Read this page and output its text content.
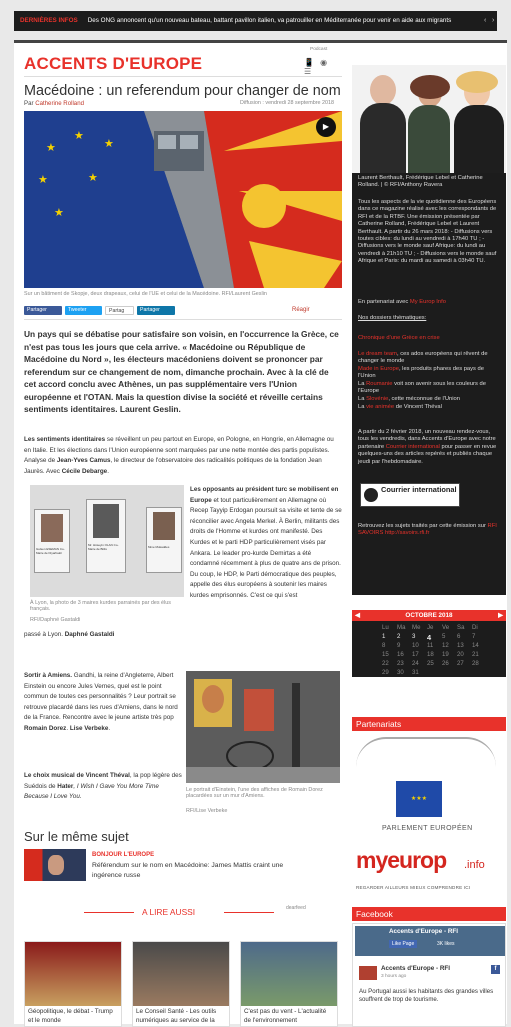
DERNIÈRES INFOS Des ONG annoncent qu'un nouveau bateau, battant pavillon italien, va patrouiller en Méditerranée pour venir en aide aux migrants	‹ ›
ACCENTS D'EUROPE
Podcast
📱 ◉ ☰
Macédoine : un referendum pour changer de nom
Par Catherine Rolland	Diffusion : vendredi 28 septembre 2018
★
★
★
★
★
★
▶
Sur un bâtiment de Skopje, deux drapeaux, celui de l'UE et celui de la Macédoine. RFI/Laurent Geslin
Partager	Tweeter	Partag	Partager	Réagir
Un pays qui se débatise pour satisfaire son voisin, en l'occurrence la Grèce, ce n'est pas tous les jours que cela arrive. « Macédoine ou République de Macédoine du Nord », les électeurs macédoniens doivent se prononcer par referendum sur ce changement de nom, dimanche prochain. Avec à la clé de cet accord conclu avec Athènes, un pas supplémentaire vers l'Union européenne et l'OTAN. Mais la question divise la société et réveille certains sentiments identitaires. Laurent Geslin.
Les sentiments identitaires se réveillent un peu partout en Europe, en Pologne, en Hongrie, en Allemagne ou en Italie. Et les élections dans l'Union européenne sont marquées par une nette montée des partis populistes. Analyse de Jean-Yves Camus, le directeur de l'observatoire des radicalités politiques de la fondation Jean Jaurès. Avec Cécile Debarge.
Gulsen ESEMAN Co-Maire de Diyarbakir
Mr. Hüseyin OLAN Co-Maire de Bitlis	Mme Mukaddes
À Lyon, la photo de 3 maires kurdes parrainés par des élus français.
RFI/Daphné Gastaldi
Les opposants au président turc se mobilisent en Europe et tout particulièrement en Allemagne où Recep Tayyip Erdogan poursuit sa visite et tente de se réconcilier avec Angela Merkel. À Berlin, militants des droits de l'Homme et kurdes ont manifesté. Des Kurdes et le parti HDP particulièrement visés par Ankara. Le leader pro-kurde Demirtas a été condamné récemment à plus de quatre ans de prison. Du coup, le HDP, le Parti démocratique des peuples, appelle des élus européens à soutenir les maires kurdes emprisonnés. C'est ce qui s'est
passé à Lyon. Daphné Gastaldi
Sortir à Amiens. Gandhi, la reine d'Angleterre, Albert Einstein ou encore Jules Vernes, quel est le point commun de toutes ces personnalités ? Leur portrait se retrouve placardé dans les rues d'Amiens, dans le nord de la France. Rencontre avec le jeune artiste très pop Romain Dorez. Lise Verbeke.
Le choix musical de Vincent Théval, la pop légère des Suédois de Hater, I Wish I Gave You More Time Because I Love You.
Le portrait d'Einstein, l'une des affiches de Romain Dorez placardées sur un mur d'Amiens.
RFI/Lise Verbeke
Sur le même sujet
BONJOUR L'EUROPE
Référendum sur le nom en Macédoine: James Mattis craint une ingérence russe
A LIRE AUSSI	dearfeed
Géopolitique, le débat - Trump et le monde
Le Conseil Santé - Les outils numériques au service de la
C'est pas du vent - L'actualité de l'environnement
Laurent Berthault, Frédérique Lebel et Catherine Rolland. | © RFI/Anthony Ravera
Tous les aspects de la vie quotidienne des Européens dans ce magazine réalisé avec les correspondants de RFI et de la RTBF. Une émission présentée par Catherine Rolland, Frédérique Lebel et Laurent Berthault. A partir du 26 mars 2018: - Diffusions vers toutes cibles: du lundi au vendredi à 17h40 TU ; - Diffusions vers le monde sauf Afrique: du lundi au vendredi à 21h10 TU ; - Diffusions vers le monde sauf Afrique et Paris: du mardi au samedi à 03h40 TU.
En partenariat avec My Europ Info
Nos dossiers thématiques:
Chronique d'une Grèce en crise
Le dream team, ces ados européens qui rêvent de changer le monde
Made in Europe, les produits phares des pays de l'Union
La Roumanie voit son avenir sous les couleurs de l'Europe
La Slovénie, cette méconnue de l'Union
La vie animée de Vincent Théval
A partir du 2 février 2018, un nouveau rendez-vous, tous les vendredis, dans Accents d'Europe avec notre partenaire Courrier international pour passer en revue quelques-uns des articles repérés et publiés chaque jeudi par l'hebdomadaire.
Courrier international
Retrouvez les sujets traités par cette émission sur RFI SAVOIRS http://savoirs.rfi.fr
◀	OCTOBRE 2018	▶
Lu Ma Me Je Ve Sa Di
1 2 3 4 5 6 7
8 9 10 11 12 13 14
15 16 17 18 19 20 21
22 23 24 25 26 27 28
29 30 31
Partenariats
★★★
PARLEMENT EUROPÉEN
myeurop .info
REGARDER AILLEURS MIEUX COMPRENDRE ICI
Facebook
Accents d'Europe - RFI
Like Page	3K likes
Accents d'Europe - RFI
3 hours ago
f
Au Portugal aussi les habitants des grandes villes souffrent de trop de tourisme.
